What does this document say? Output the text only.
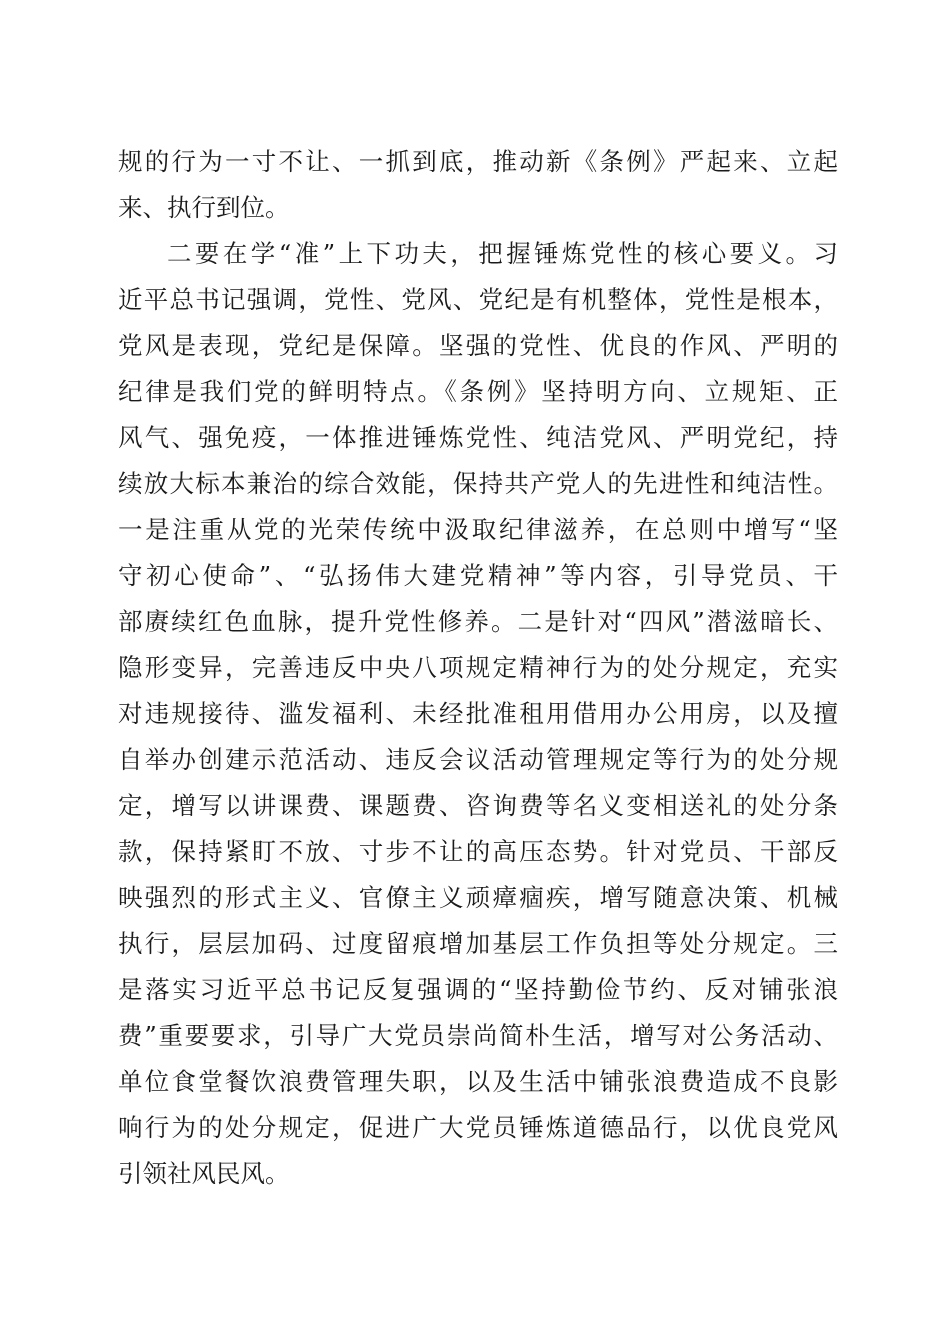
规的行为一寸不让、一抓到底，推动新《条例》严起来、立起
来、执行到位。
二要在学“准”上下功夫，把握锤炼党性的核心要义。习
近平总书记强调，党性、党风、党纪是有机整体，党性是根本，
党风是表现，党纪是保障。坚强的党性、优良的作风、严明的
纪律是我们党的鲜明特点。《条例》坚持明方向、立规矩、正
风气、强免疫，一体推进锤炼党性、纯洁党风、严明党纪，持
续放大标本兼治的综合效能，保持共产党人的先进性和纯洁性。
一是注重从党的光荣传统中汲取纪律滋养，在总则中增写“坚
守初心使命”、“弘扬伟大建党精神”等内容，引导党员、干
部赓续红色血脉，提升党性修养。二是针对“四风”潜滋暗长、
隐形变异，完善违反中央八项规定精神行为的处分规定，充实
对违规接待、滥发福利、未经批准租用借用办公用房，以及擅
自举办创建示范活动、违反会议活动管理规定等行为的处分规
定，增写以讲课费、课题费、咨询费等名义变相送礼的处分条
款，保持紧盯不放、寸步不让的高压态势。针对党员、干部反
映强烈的形式主义、官僚主义顽瘴痼疾，增写随意决策、机械
执行，层层加码、过度留痕增加基层工作负担等处分规定。三
是落实习近平总书记反复强调的“坚持勤俭节约、反对铺张浪
费”重要要求，引导广大党员崇尚简朴生活，增写对公务活动、
单位食堂餐饮浪费管理失职，以及生活中铺张浪费造成不良影
响行为的处分规定，促进广大党员锤炼道德品行，以优良党风
引领社风民风。
